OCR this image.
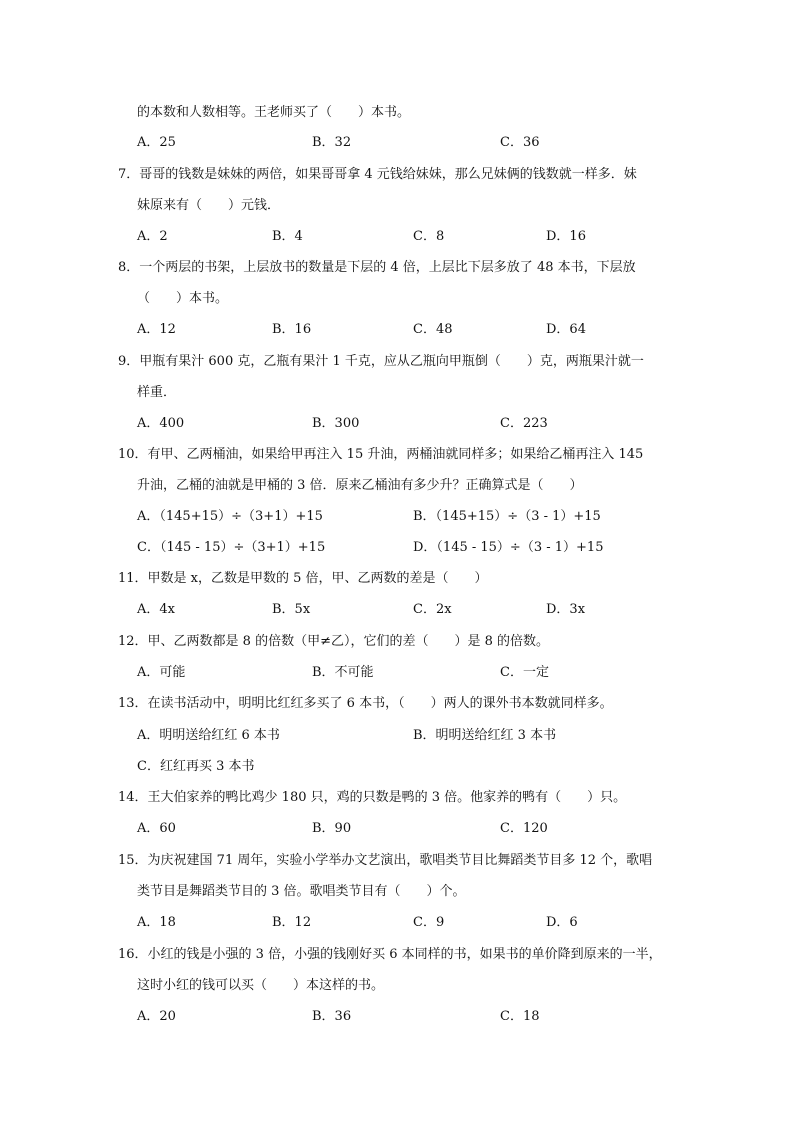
的本数和人数相等。王老师买了（　　）本书。
A．25	B．32	C．36
7．哥哥的钱数是妹妹的两倍，如果哥哥拿 4 元钱给妹妹，那么兄妹俩的钱数就一样多．妹
妹原来有（　　）元钱．
A．2	B．4	C．8	D．16
8．一个两层的书架，上层放书的数量是下层的 4 倍，上层比下层多放了 48 本书，下层放
（　　）本书。
A．12	B．16	C．48	D．64
9．甲瓶有果汁 600 克，乙瓶有果汁 1 千克，应从乙瓶向甲瓶倒（　　）克，两瓶果汁就一
样重．
A．400	B．300	C．223
10．有甲、乙两桶油，如果给甲再注入 15 升油，两桶油就同样多；如果给乙桶再注入 145
升油，乙桶的油就是甲桶的 3 倍．原来乙桶油有多少升？正确算式是（　　）
A．（145+15）÷（3+1）+15	B．（145+15）÷（3 - 1）+15
C．（145 - 15）÷（3+1）+15	D．（145 - 15）÷（3 - 1）+15
11．甲数是 x，乙数是甲数的 5 倍，甲、乙两数的差是（　　）
A．4x	B．5x	C．2x	D．3x
12．甲、乙两数都是 8 的倍数（甲≠乙），它们的差（　　）是 8 的倍数。
A．可能	B．不可能	C．一定
13．在读书活动中，明明比红红多买了 6 本书，（　　）两人的课外书本数就同样多。
A．明明送给红红 6 本书	B．明明送给红红 3 本书
C．红红再买 3 本书
14．王大伯家养的鸭比鸡少 180 只，鸡的只数是鸭的 3 倍。他家养的鸭有（　　）只。
A．60	B．90	C．120
15．为庆祝建国 71 周年，实验小学举办文艺演出，歌唱类节目比舞蹈类节目多 12 个，歌唱
类节目是舞蹈类节目的 3 倍。歌唱类节目有（　　）个。
A．18	B．12	C．9	D．6
16．小红的钱是小强的 3 倍，小强的钱刚好买 6 本同样的书，如果书的单价降到原来的一半，
这时小红的钱可以买（　　）本这样的书。
A．20	B．36	C．18
